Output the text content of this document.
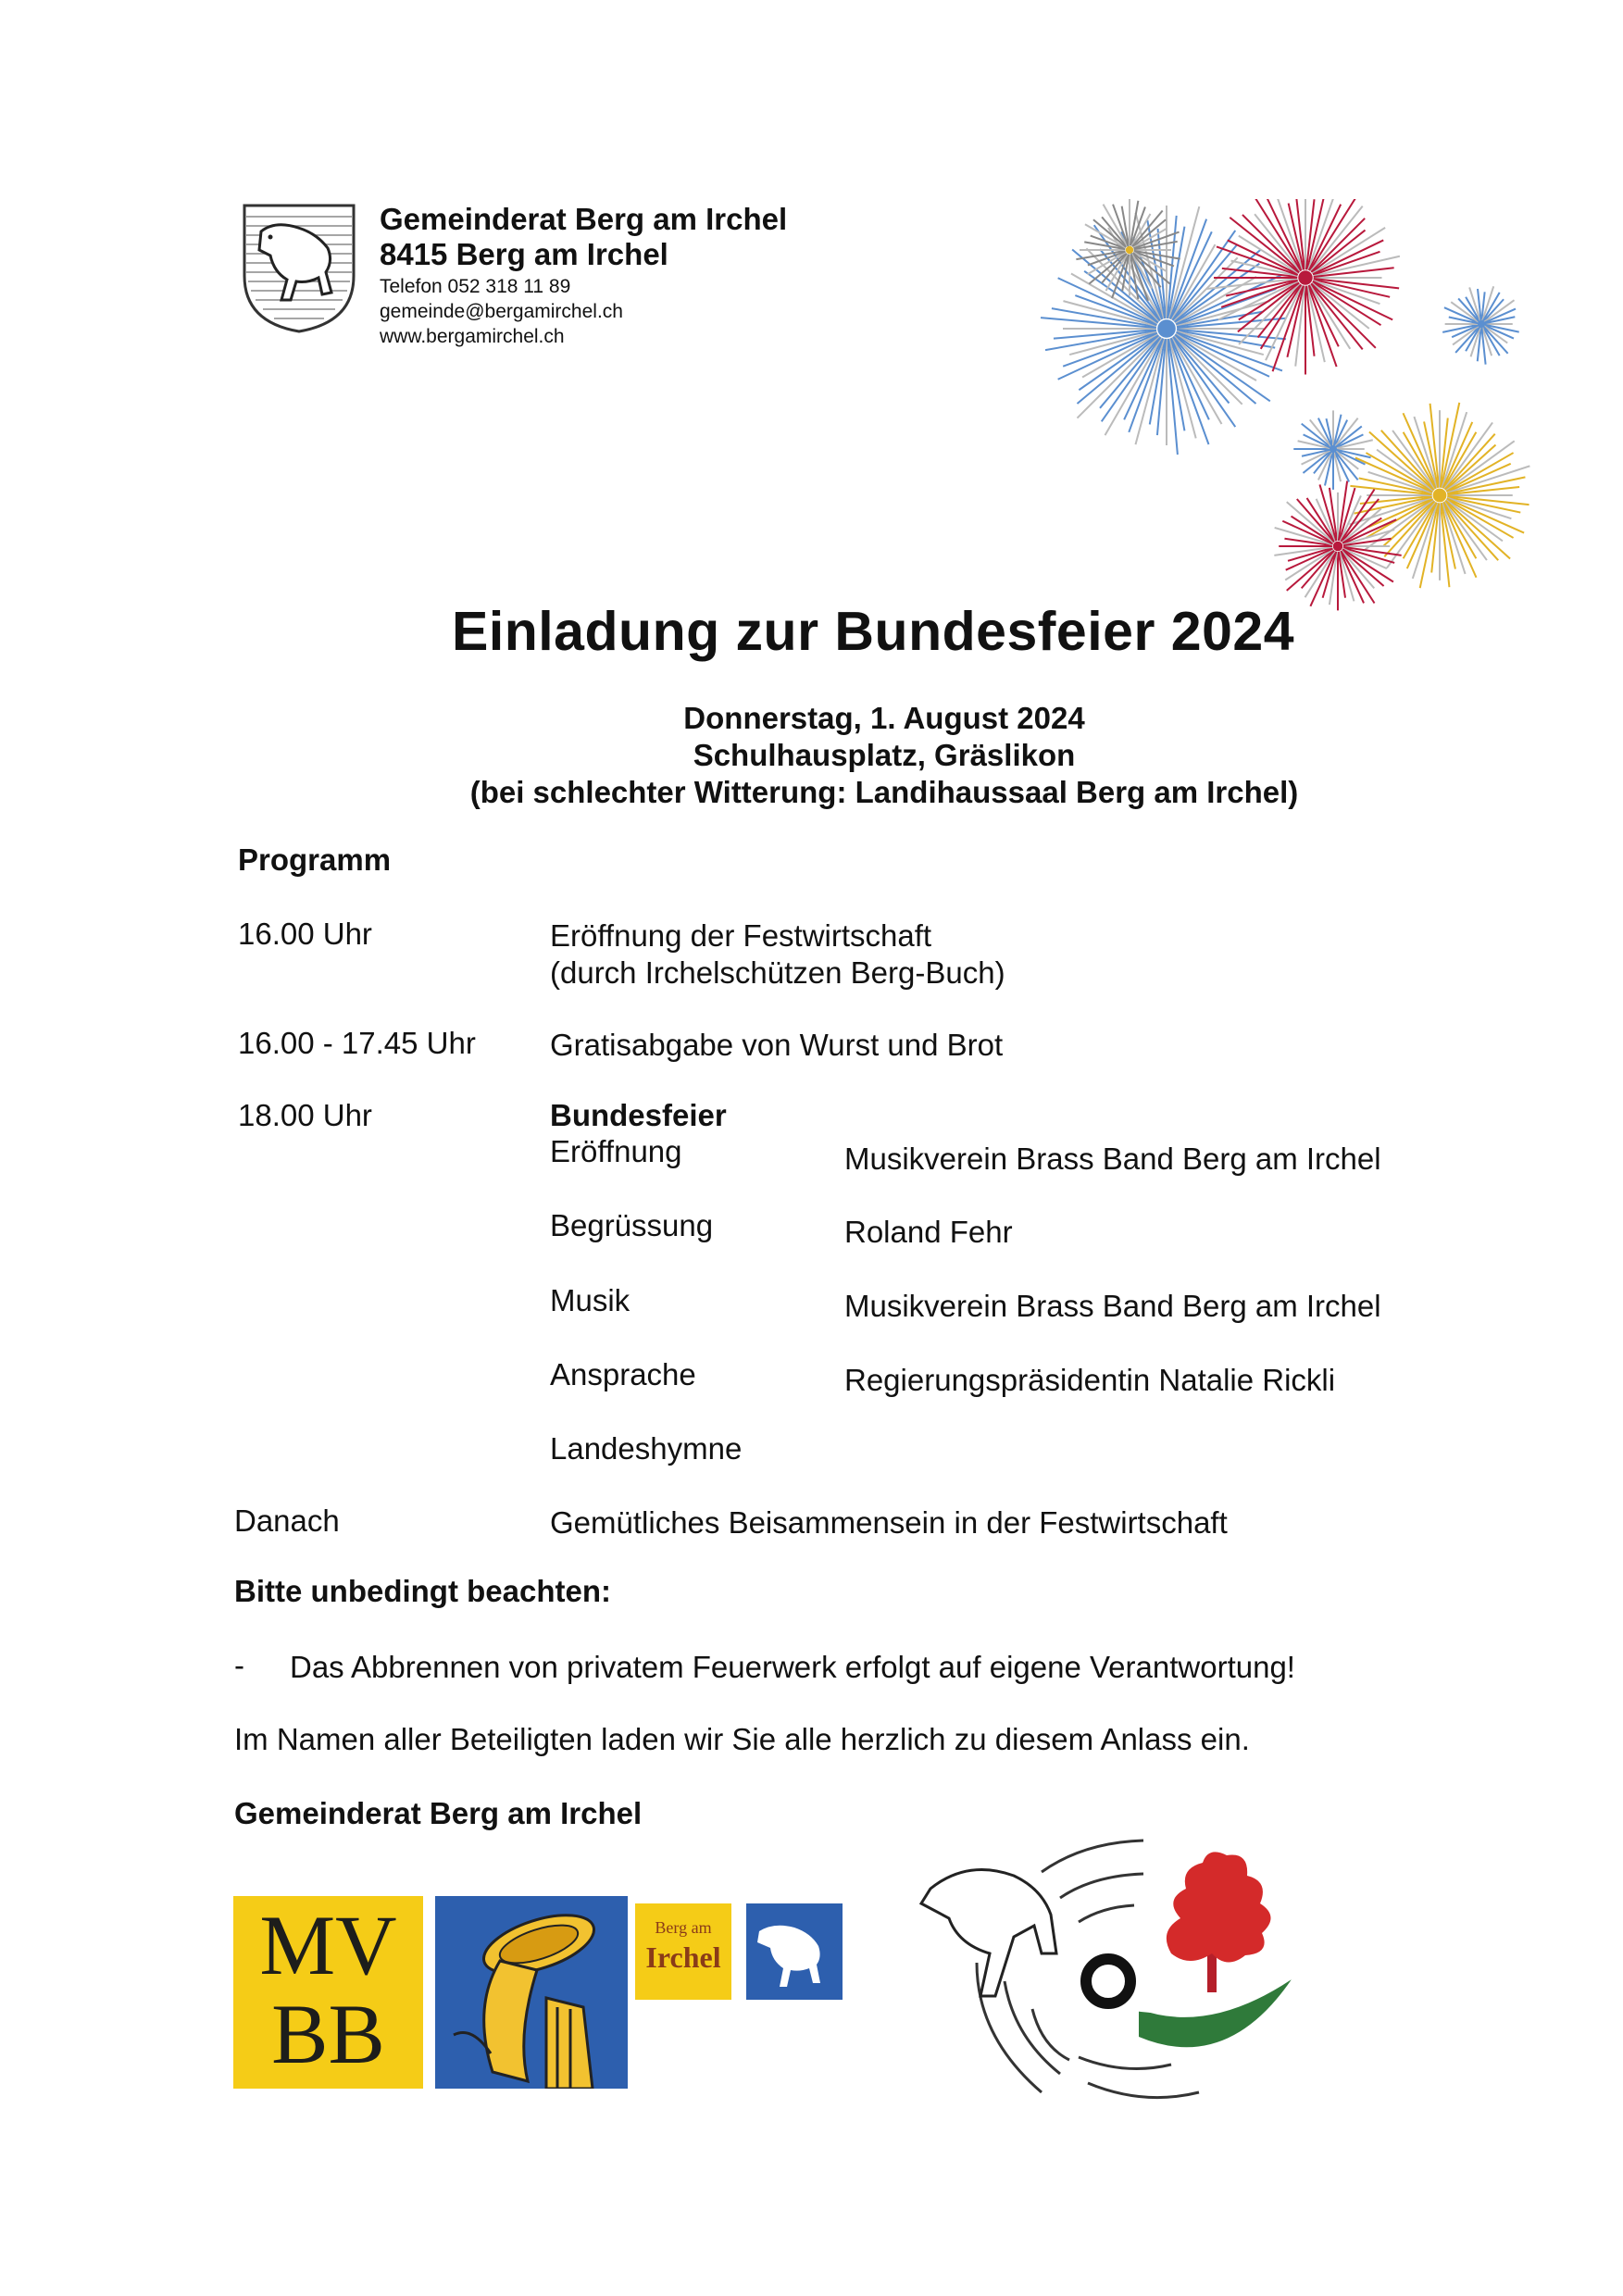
Gemeinderat Berg am Irchel
8415 Berg am Irchel
Telefon 052 318 11 89
gemeinde@bergamirchel.ch
www.bergamirchel.ch
Einladung zur Bundesfeier 2024
Donnerstag, 1. August 2024
Schulhausplatz, Gräslikon
(bei schlechter Witterung: Landihaussaal Berg am Irchel)
Programm
16.00 Uhr	Eröffnung der Festwirtschaft
(durch Irchelschützen Berg-Buch)
16.00 - 17.45 Uhr Gratisabgabe von Wurst und Brot
18.00 Uhr	Bundesfeier
Eröffnung	Musikverein Brass Band Berg am Irchel
Begrüssung	Roland Fehr
Musik	Musikverein Brass Band Berg am Irchel
Ansprache	Regierungspräsidentin Natalie Rickli
Landeshymne
Danach	Gemütliches Beisammensein in der Festwirtschaft
Bitte unbedingt beachten:
- Das Abbrennen von privatem Feuerwerk erfolgt auf eigene Verantwortung!
Im Namen aller Beteiligten laden wir Sie alle herzlich zu diesem Anlass ein.
Gemeinderat Berg am Irchel
MV
BB
Berg am
Irchel
